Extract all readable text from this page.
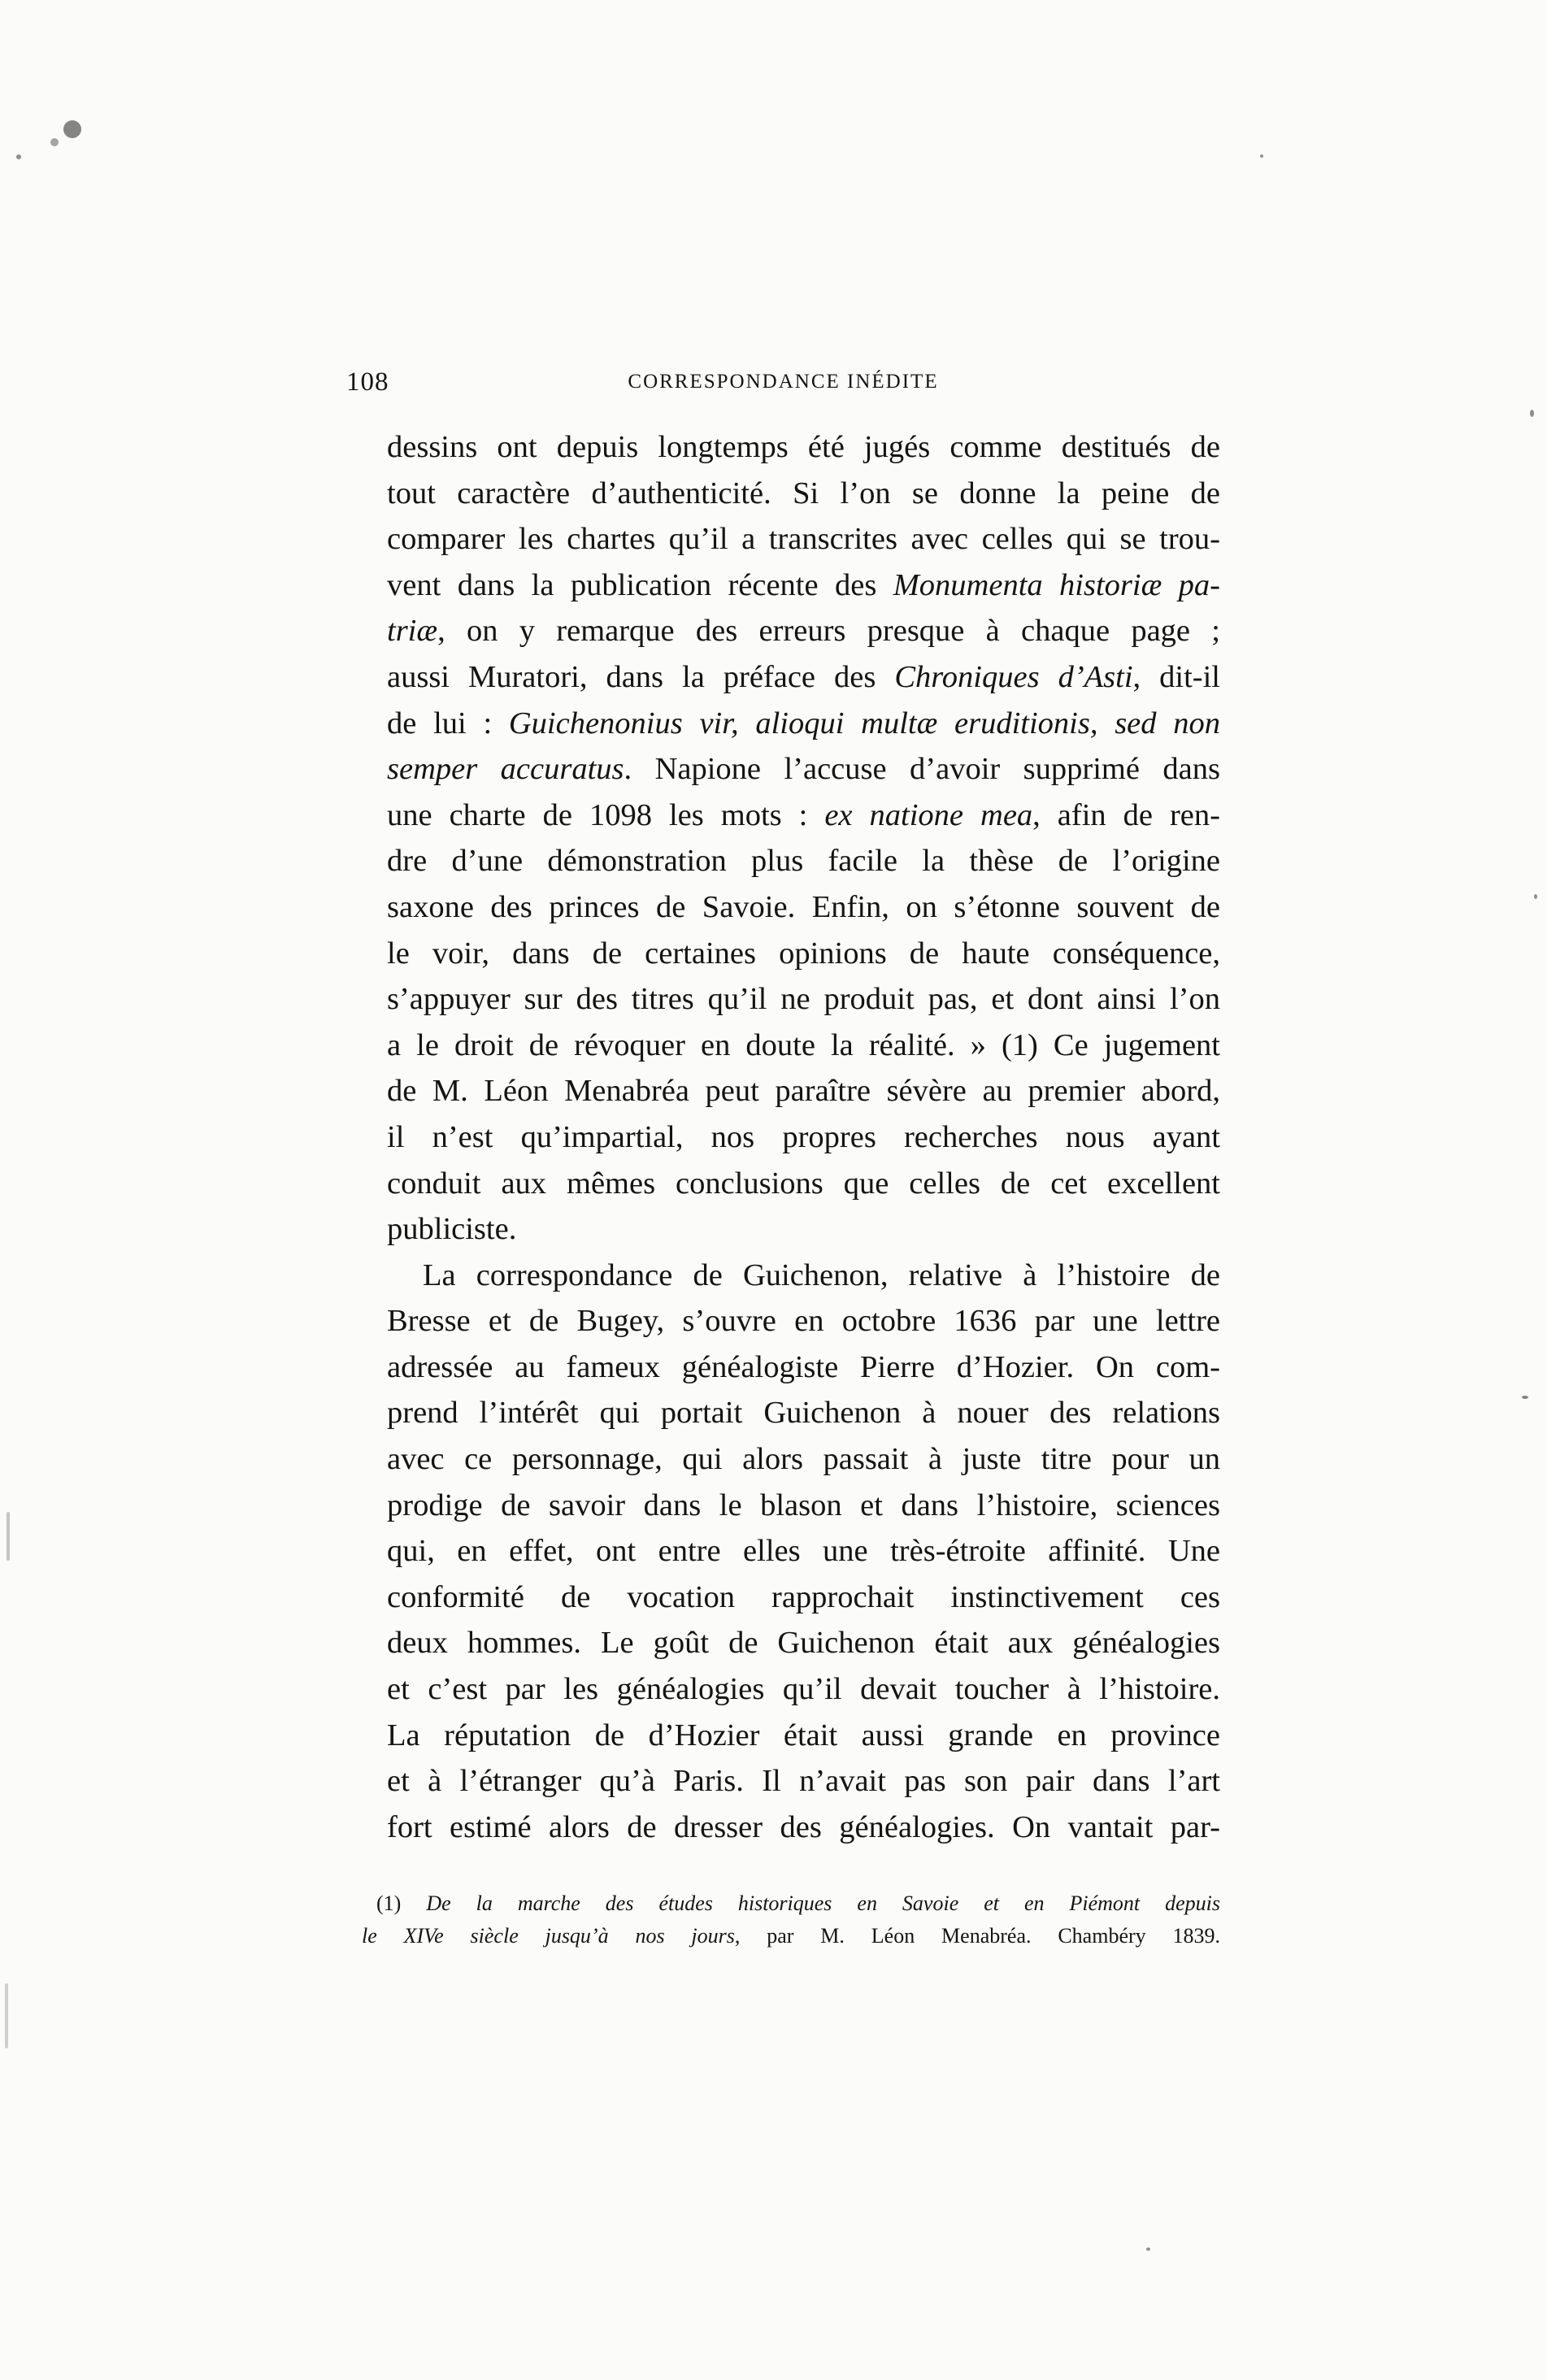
108	CORRESPONDANCE INÉDITE
dessins ont depuis longtemps été jugés comme destitués de
tout caractère d’authenticité. Si l’on se donne la peine de
comparer les chartes qu’il a transcrites avec celles qui se trou-
vent dans la publication récente des Monumenta historiæ pa-
triæ, on y remarque des erreurs presque à chaque page ;
aussi Muratori, dans la préface des Chroniques d’Asti, dit-il
de lui : Guichenonius vir, alioqui multæ eruditionis, sed non
semper accuratus. Napione l’accuse d’avoir supprimé dans
une charte de 1098 les mots : ex natione mea, afin de ren-
dre d’une démonstration plus facile la thèse de l’origine
saxone des princes de Savoie. Enfin, on s’étonne souvent de
le voir, dans de certaines opinions de haute conséquence,
s’appuyer sur des titres qu’il ne produit pas, et dont ainsi l’on
a le droit de révoquer en doute la réalité. » (1) Ce jugement
de M. Léon Menabréa peut paraître sévère au premier abord,
il n’est qu’impartial, nos propres recherches nous ayant
conduit aux mêmes conclusions que celles de cet excellent
publiciste.
La correspondance de Guichenon, relative à l’histoire de
Bresse et de Bugey, s’ouvre en octobre 1636 par une lettre
adressée au fameux généalogiste Pierre d’Hozier. On com-
prend l’intérêt qui portait Guichenon à nouer des relations
avec ce personnage, qui alors passait à juste titre pour un
prodige de savoir dans le blason et dans l’histoire, sciences
qui, en effet, ont entre elles une très-étroite affinité. Une
conformité de vocation rapprochait instinctivement ces
deux hommes. Le goût de Guichenon était aux généalogies
et c’est par les généalogies qu’il devait toucher à l’histoire.
La réputation de d’Hozier était aussi grande en province
et à l’étranger qu’à Paris. Il n’avait pas son pair dans l’art
fort estimé alors de dresser des généalogies. On vantait par-
(1) De la marche des études historiques en Savoie et en Piémont depuis
le XIVe siècle jusqu’à nos jours, par M. Léon Menabréa. Chambéry 1839.
